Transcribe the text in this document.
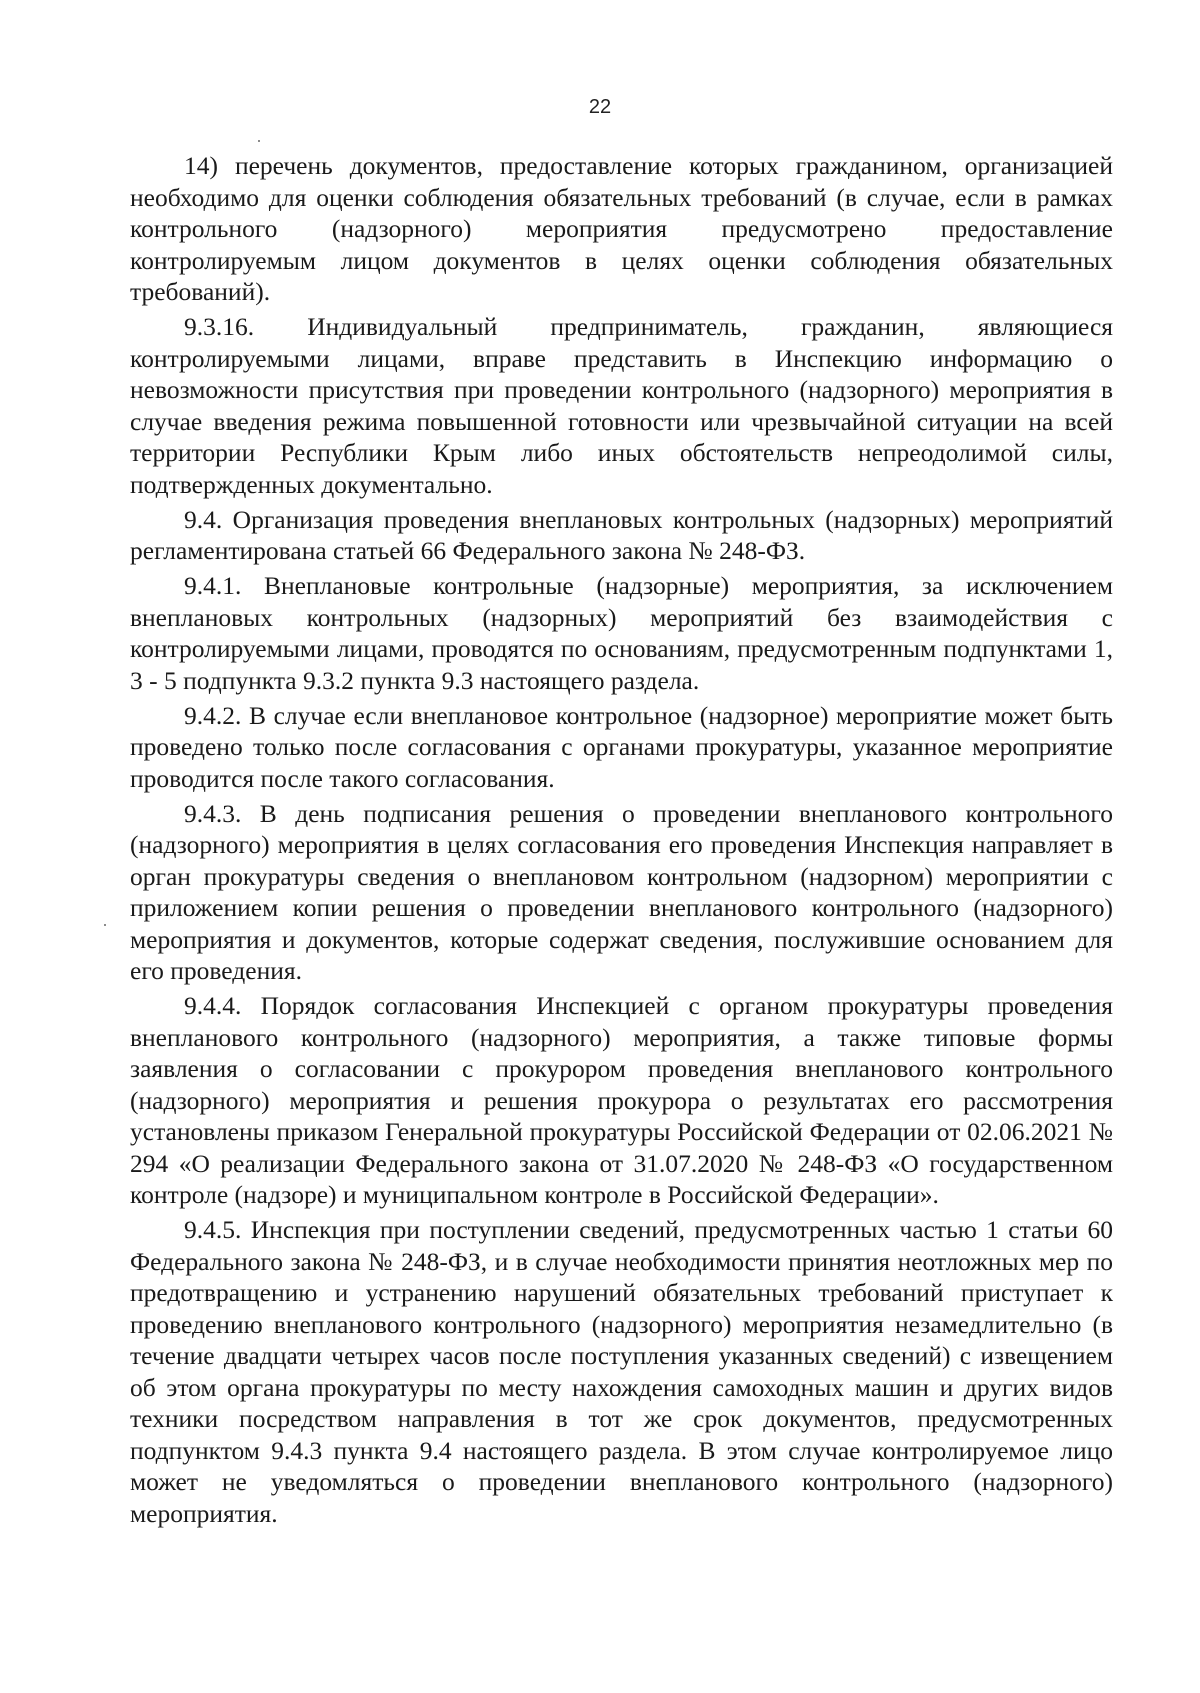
22

14) перечень документов, предоставление которых гражданином, организацией необходимо для оценки соблюдения обязательных требований (в случае, если в рамках контрольного (надзорного) мероприятия предусмотрено предоставление контролируемым лицом документов в целях оценки соблюдения обязательных требований).

9.3.16. Индивидуальный предприниматель, гражданин, являющиеся контролируемыми лицами, вправе представить в Инспекцию информацию о невозможности присутствия при проведении контрольного (надзорного) мероприятия в случае введения режима повышенной готовности или чрезвычайной ситуации на всей территории Республики Крым либо иных обстоятельств непреодолимой силы, подтвержденных документально.

9.4. Организация проведения внеплановых контрольных (надзорных) мероприятий регламентирована статьей 66 Федерального закона № 248-ФЗ.

9.4.1. Внеплановые контрольные (надзорные) мероприятия, за исключением внеплановых контрольных (надзорных) мероприятий без взаимодействия с контролируемыми лицами, проводятся по основаниям, предусмотренным подпунктами 1, 3 - 5 подпункта 9.3.2 пункта 9.3 настоящего раздела.

9.4.2. В случае если внеплановое контрольное (надзорное) мероприятие может быть проведено только после согласования с органами прокуратуры, указанное мероприятие проводится после такого согласования.

9.4.3. В день подписания решения о проведении внепланового контрольного (надзорного) мероприятия в целях согласования его проведения Инспекция направляет в орган прокуратуры сведения о внеплановом контрольном (надзорном) мероприятии с приложением копии решения о проведении внепланового контрольного (надзорного) мероприятия и документов, которые содержат сведения, послужившие основанием для его проведения.

9.4.4. Порядок согласования Инспекцией с органом прокуратуры проведения внепланового контрольного (надзорного) мероприятия, а также типовые формы заявления о согласовании с прокурором проведения внепланового контрольного (надзорного) мероприятия и решения прокурора о результатах его рассмотрения установлены приказом Генеральной прокуратуры Российской Федерации от 02.06.2021 № 294 «О реализации Федерального закона от 31.07.2020 № 248-ФЗ «О государственном контроле (надзоре) и муниципальном контроле в Российской Федерации».

9.4.5. Инспекция при поступлении сведений, предусмотренных частью 1 статьи 60 Федерального закона № 248-ФЗ, и в случае необходимости принятия неотложных мер по предотвращению и устранению нарушений обязательных требований приступает к проведению внепланового контрольного (надзорного) мероприятия незамедлительно (в течение двадцати четырех часов после поступления указанных сведений) с извещением об этом органа прокуратуры по месту нахождения самоходных машин и других видов техники посредством направления в тот же срок документов, предусмотренных подпунктом 9.4.3 пункта 9.4 настоящего раздела. В этом случае контролируемое лицо может не уведомляться о проведении внепланового контрольного (надзорного) мероприятия.
